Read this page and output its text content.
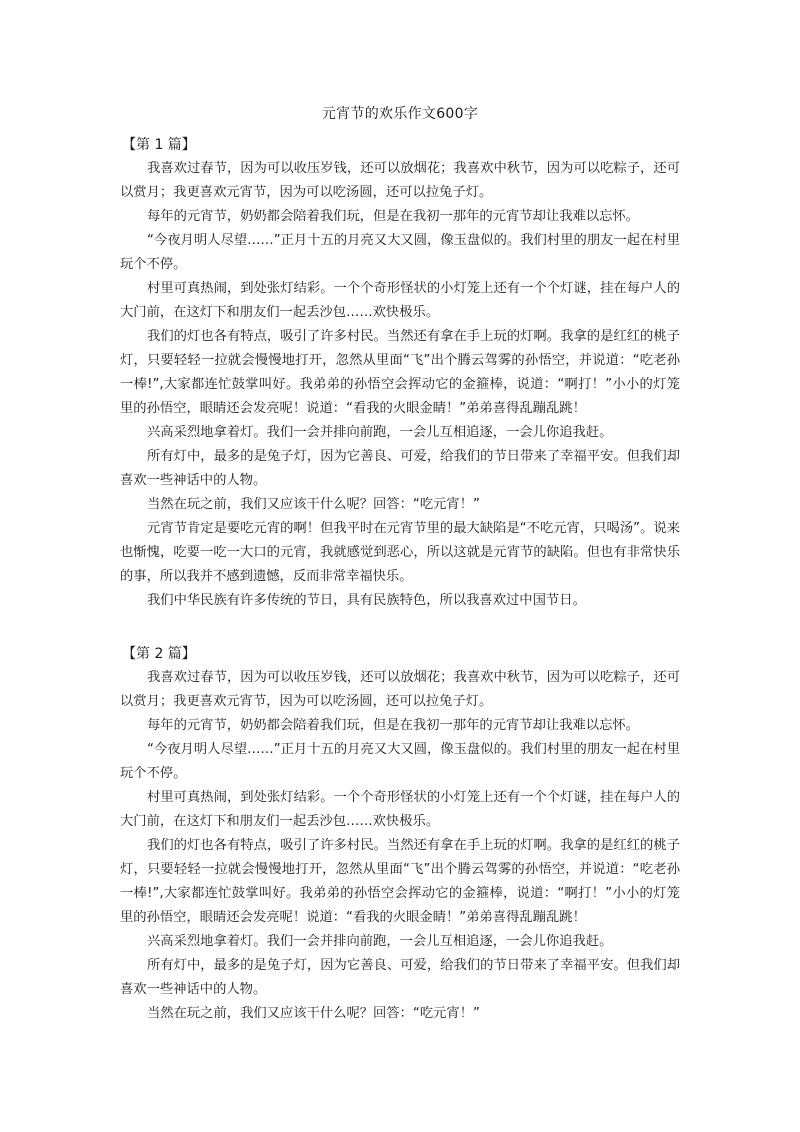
元宵节的欢乐作文600字
【第 1 篇】

我喜欢过春节，因为可以收压岁钱，还可以放烟花；我喜欢中秋节，因为可以吃粽子，还可以赏月；我更喜欢元宵节，因为可以吃汤圆，还可以拉兔子灯。

每年的元宵节，奶奶都会陪着我们玩，但是在我初一那年的元宵节却让我难以忘怀。

“今夜月明人尽望……”正月十五的月亮又大又圆，像玉盘似的。我们村里的朋友一起在村里玩个不停。

村里可真热闹，到处张灯结彩。一个个奇形怪状的小灯笼上还有一个个灯谜，挂在每户人的大门前，在这灯下和朋友们一起丢沙包……欢快极乐。

我们的灯也各有特点，吸引了许多村民。当然还有拿在手上玩的灯啊。我拿的是红红的桃子灯，只要轻轻一拉就会慢慢地打开，忽然从里面“飞”出个腾云驾雾的孙悟空，并说道：“吃老孙一棒!”,大家都连忙鼓掌叫好。我弟弟的孙悟空会挥动它的金箍棒，说道：“啊打！”小小的灯笼里的孙悟空，眼睛还会发亮呢！说道：“看我的火眼金睛！”弟弟喜得乱蹦乱跳！

兴高采烈地拿着灯。我们一会并排向前跑，一会儿互相追逐，一会儿你追我赶。

所有灯中，最多的是兔子灯，因为它善良、可爱，给我们的节日带来了幸福平安。但我们却喜欢一些神话中的人物。

当然在玩之前，我们又应该干什么呢？回答：“吃元宵！”

元宵节肯定是要吃元宵的啊！但我平时在元宵节里的最大缺陷是“不吃元宵，只喝汤”。说来也惭愧，吃要一吃一大口的元宵，我就感觉到恶心，所以这就是元宵节的缺陷。但也有非常快乐的事，所以我并不感到遗憾，反而非常幸福快乐。

我们中华民族有许多传统的节日，具有民族特色，所以我喜欢过中国节日。

【第 2 篇】

我喜欢过春节，因为可以收压岁钱，还可以放烟花；我喜欢中秋节，因为可以吃粽子，还可以赏月；我更喜欢元宵节，因为可以吃汤圆，还可以拉兔子灯。

每年的元宵节，奶奶都会陪着我们玩，但是在我初一那年的元宵节却让我难以忘怀。

“今夜月明人尽望……”正月十五的月亮又大又圆，像玉盘似的。我们村里的朋友一起在村里玩个不停。

村里可真热闹，到处张灯结彩。一个个奇形怪状的小灯笼上还有一个个灯谜，挂在每户人的大门前，在这灯下和朋友们一起丢沙包……欢快极乐。

我们的灯也各有特点，吸引了许多村民。当然还有拿在手上玩的灯啊。我拿的是红红的桃子灯，只要轻轻一拉就会慢慢地打开，忽然从里面“飞”出个腾云驾雾的孙悟空，并说道：“吃老孙一棒!”,大家都连忙鼓掌叫好。我弟弟的孙悟空会挥动它的金箍棒，说道：“啊打！”小小的灯笼里的孙悟空，眼睛还会发亮呢！说道：“看我的火眼金睛！”弟弟喜得乱蹦乱跳！

兴高采烈地拿着灯。我们一会并排向前跑，一会儿互相追逐，一会儿你追我赶。

所有灯中，最多的是兔子灯，因为它善良、可爱，给我们的节日带来了幸福平安。但我们却喜欢一些神话中的人物。

当然在玩之前，我们又应该干什么呢？回答：“吃元宵！”
